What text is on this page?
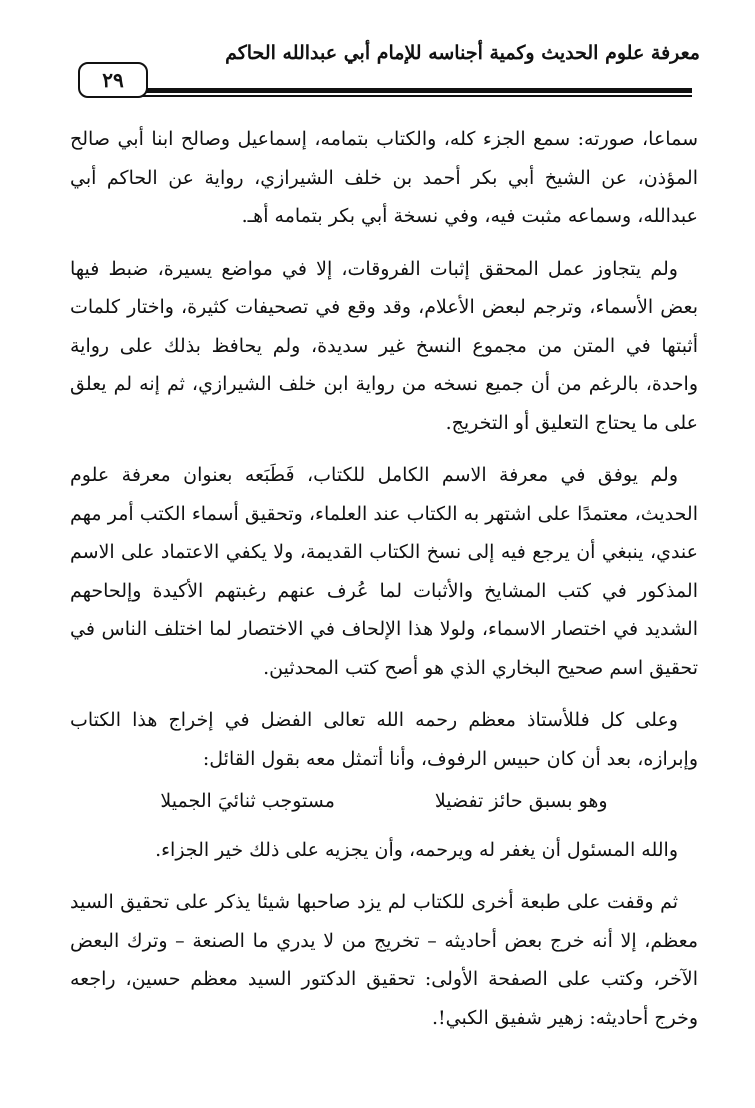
معرفة علوم الحديث وكمية أجناسه للإمام أبي عبدالله الحاكم
٢٩

سماعا، صورته: سمع الجزء كله، والكتاب بتمامه، إسماعيل وصالح ابنا أبي صالح المؤذن، عن الشيخ أبي بكر أحمد بن خلف الشيرازي، رواية عن الحاكم أبي عبدالله، وسماعه مثبت فيه، وفي نسخة أبي بكر بتمامه أهـ.

ولم يتجاوز عمل المحقق إثبات الفروقات، إلا في مواضع يسيرة، ضبط فيها بعض الأسماء، وترجم لبعض الأعلام، وقد وقع في تصحيفات كثيرة، واختار كلمات أثبتها في المتن من مجموع النسخ غير سديدة، ولم يحافظ بذلك على رواية واحدة، بالرغم من أن جميع نسخه من رواية ابن خلف الشيرازي، ثم إنه لم يعلق على ما يحتاج التعليق أو التخريج.

ولم يوفق في معرفة الاسم الكامل للكتاب، فَطَبَعه بعنوان معرفة علوم الحديث، معتمدًا على اشتهر به الكتاب عند العلماء، وتحقيق أسماء الكتب أمر مهم عندي، ينبغي أن يرجع فيه إلى نسخ الكتاب القديمة، ولا يكفي الاعتماد على الاسم المذكور في كتب المشايخ والأثبات لما عُرف عنهم رغبتهم الأكيدة وإلحاحهم الشديد في اختصار الاسماء، ولولا هذا الإلحاف في الاختصار لما اختلف الناس في تحقيق اسم صحيح البخاري الذي هو أصح كتب المحدثين.

وعلى كل فللأستاذ معظم رحمه الله تعالى الفضل في إخراج هذا الكتاب وإبرازه، بعد أن كان حبيس الرفوف، وأنا أتمثل معه بقول القائل:

وهو بسبق حائز تفضيلا
مستوجب ثنائيَ الجميلا

والله المسئول أن يغفر له ويرحمه، وأن يجزيه على ذلك خير الجزاء.

ثم وقفت على طبعة أخرى للكتاب لم يزد صاحبها شيئا يذكر على تحقيق السيد معظم، إلا أنه خرج بعض أحاديثه – تخريج من لا يدري ما الصنعة – وترك البعض الآخر، وكتب على الصفحة الأولى: تحقيق الدكتور السيد معظم حسين، راجعه وخرج أحاديثه: زهير شفيق الكبي!.
